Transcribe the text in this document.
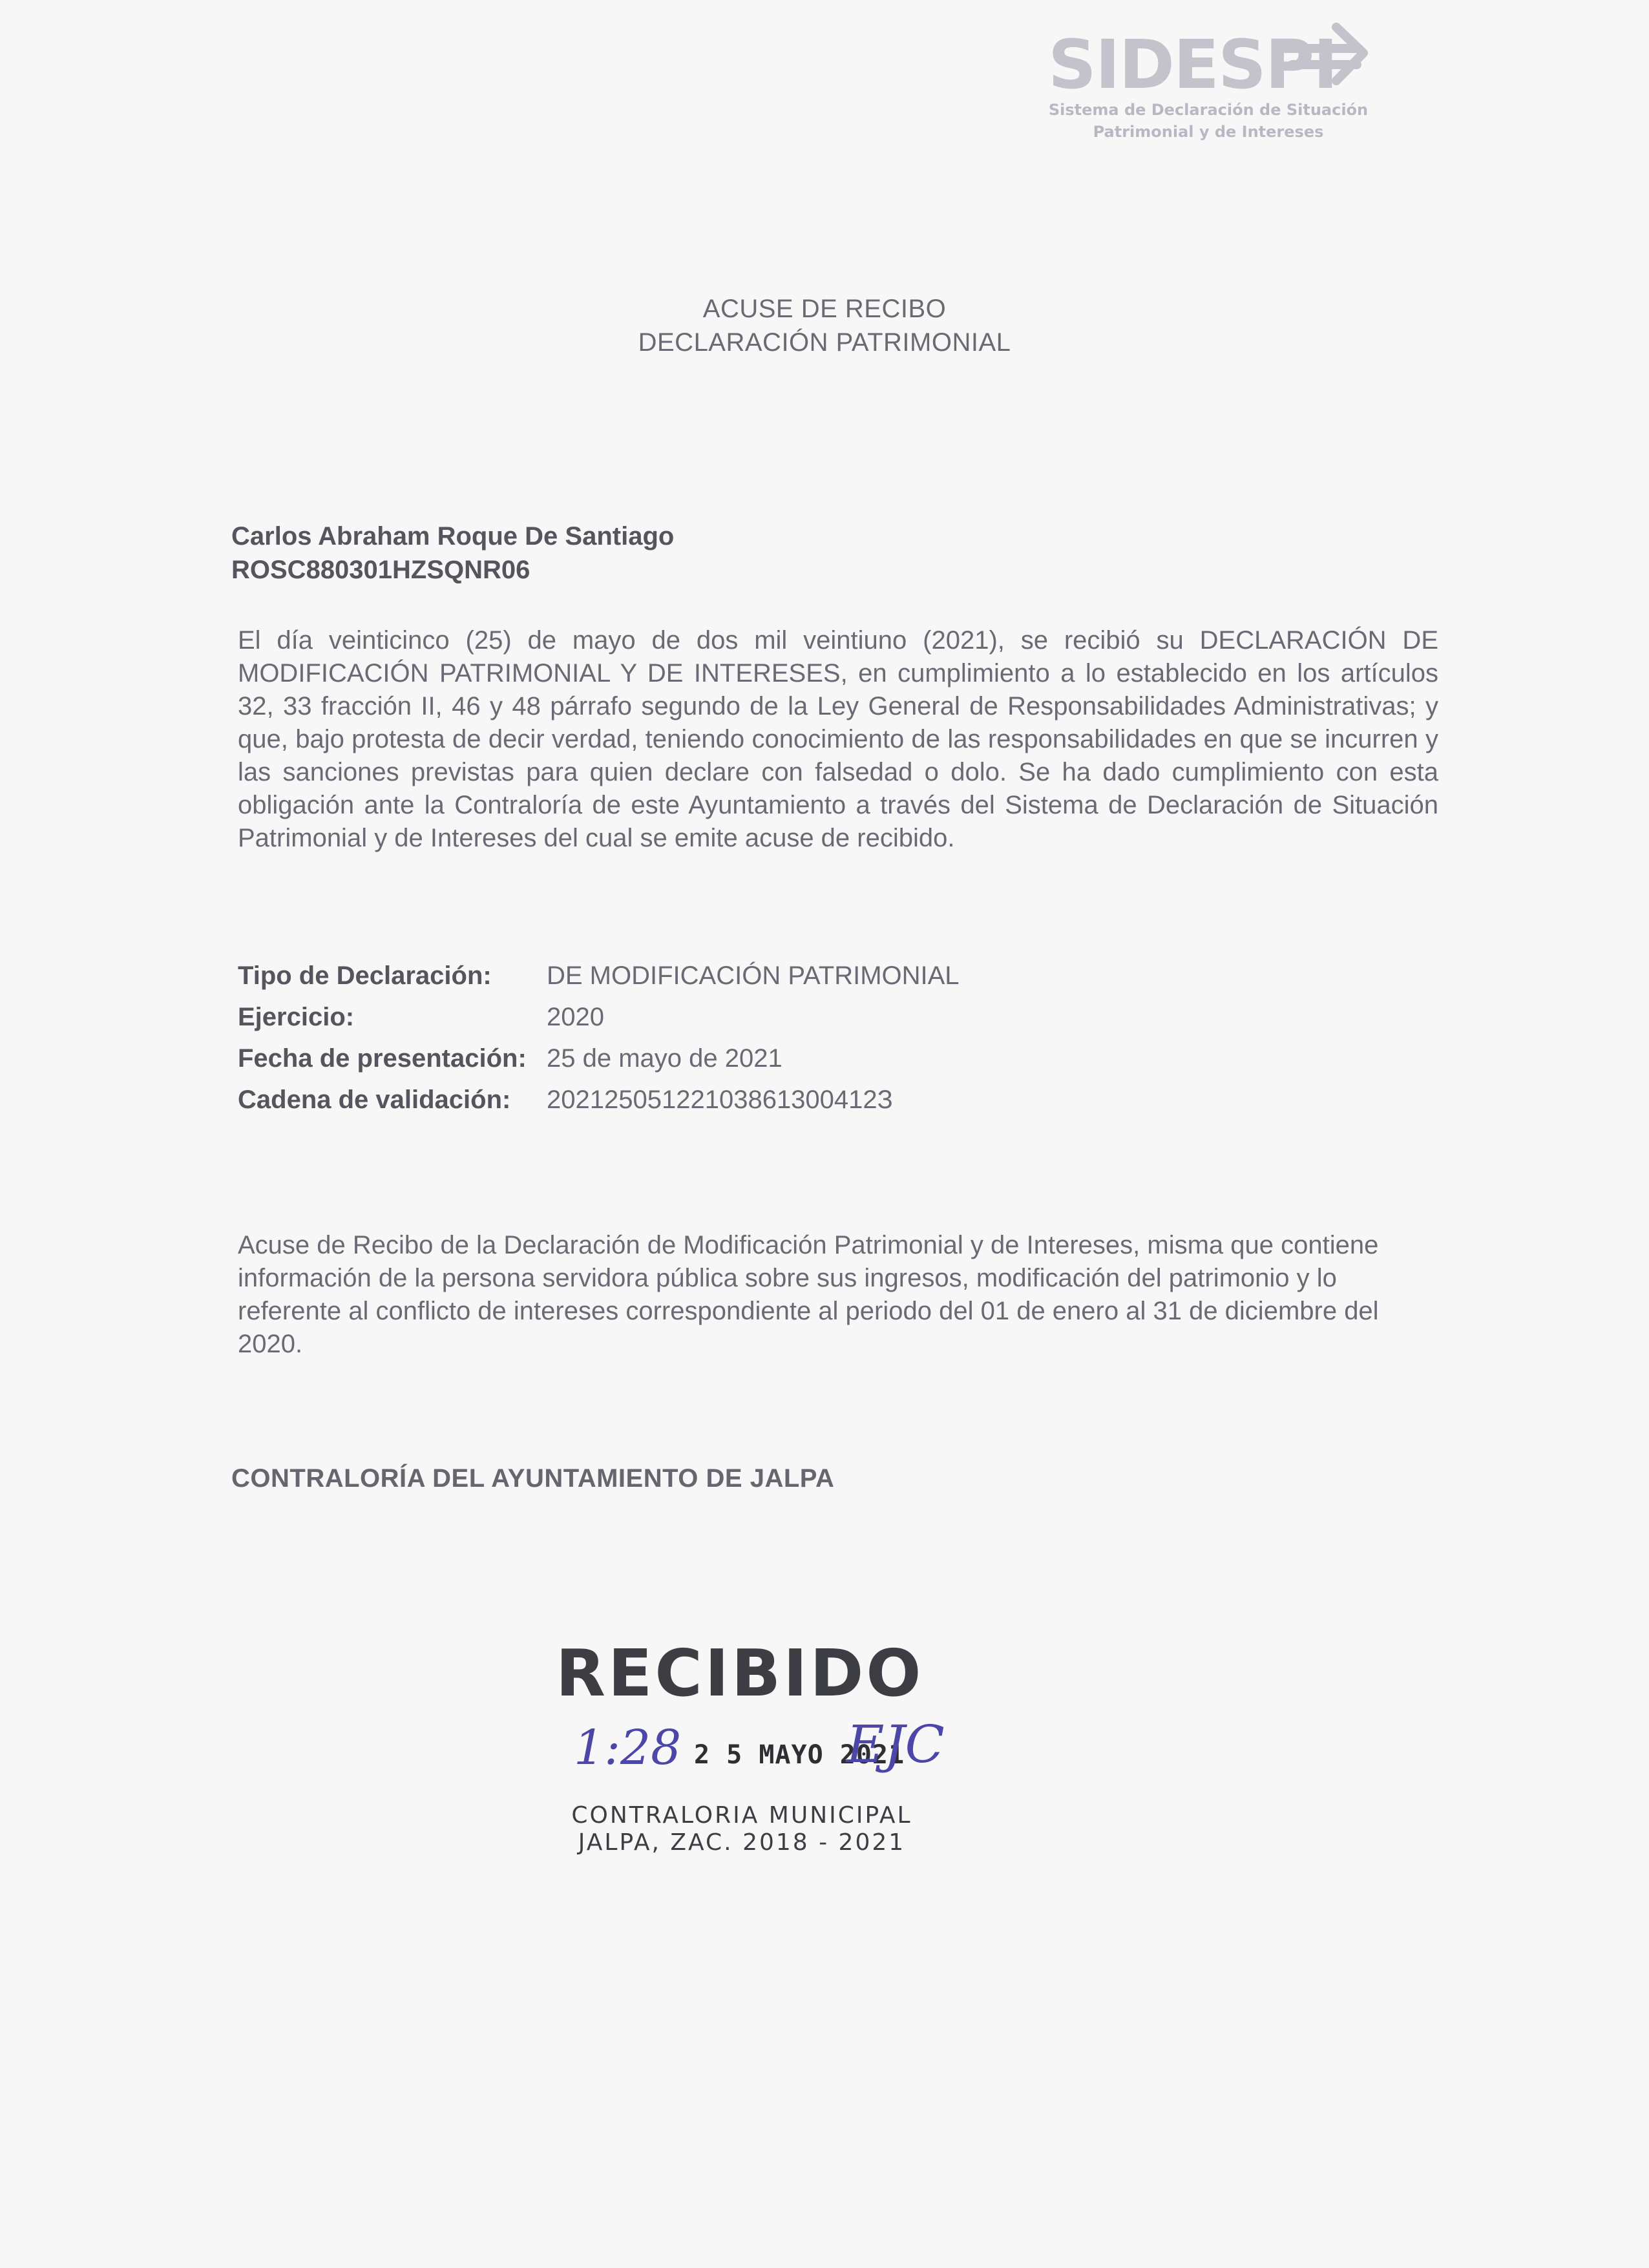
SIDESPI
Sistema de Declaración de Situación
Patrimonial y de Intereses
ACUSE DE RECIBO
DECLARACIÓN PATRIMONIAL
Carlos Abraham Roque De Santiago
ROSC880301HZSQNR06
El día veinticinco (25) de mayo de dos mil veintiuno (2021), se recibió su DECLARACIÓN DE MODIFICACIÓN PATRIMONIAL Y DE INTERESES, en cumplimiento a lo establecido en los artículos 32, 33 fracción II, 46 y 48 párrafo segundo de la Ley General de Responsabilidades Administrativas; y que, bajo protesta de decir verdad, teniendo conocimiento de las responsabilidades en que se incurren y las sanciones previstas para quien declare con falsedad o dolo. Se ha dado cumplimiento con esta obligación ante la Contraloría de este Ayuntamiento a través del Sistema de Declaración de Situación Patrimonial y de Intereses del cual se emite acuse de recibido.
Tipo de Declaración: DE MODIFICACIÓN PATRIMONIAL
Ejercicio:	2020
Fecha de presentación: 25 de mayo de 2021
Cadena de validación: 20212505122103861300412З
Acuse de Recibo de la Declaración de Modificación Patrimonial y de Intereses, misma que contiene información de la persona servidora pública sobre sus ingresos, modificación del patrimonio y lo referente al conflicto de intereses correspondiente al periodo del 01 de enero al 31 de diciembre del 2020.
CONTRALORÍA DEL AYUNTAMIENTO DE JALPA
RECIBIDO
1:28 2 5 MAYO 2021
EJC
CONTRALORIA MUNICIPAL
JALPA, ZAC. 2018 - 2021
